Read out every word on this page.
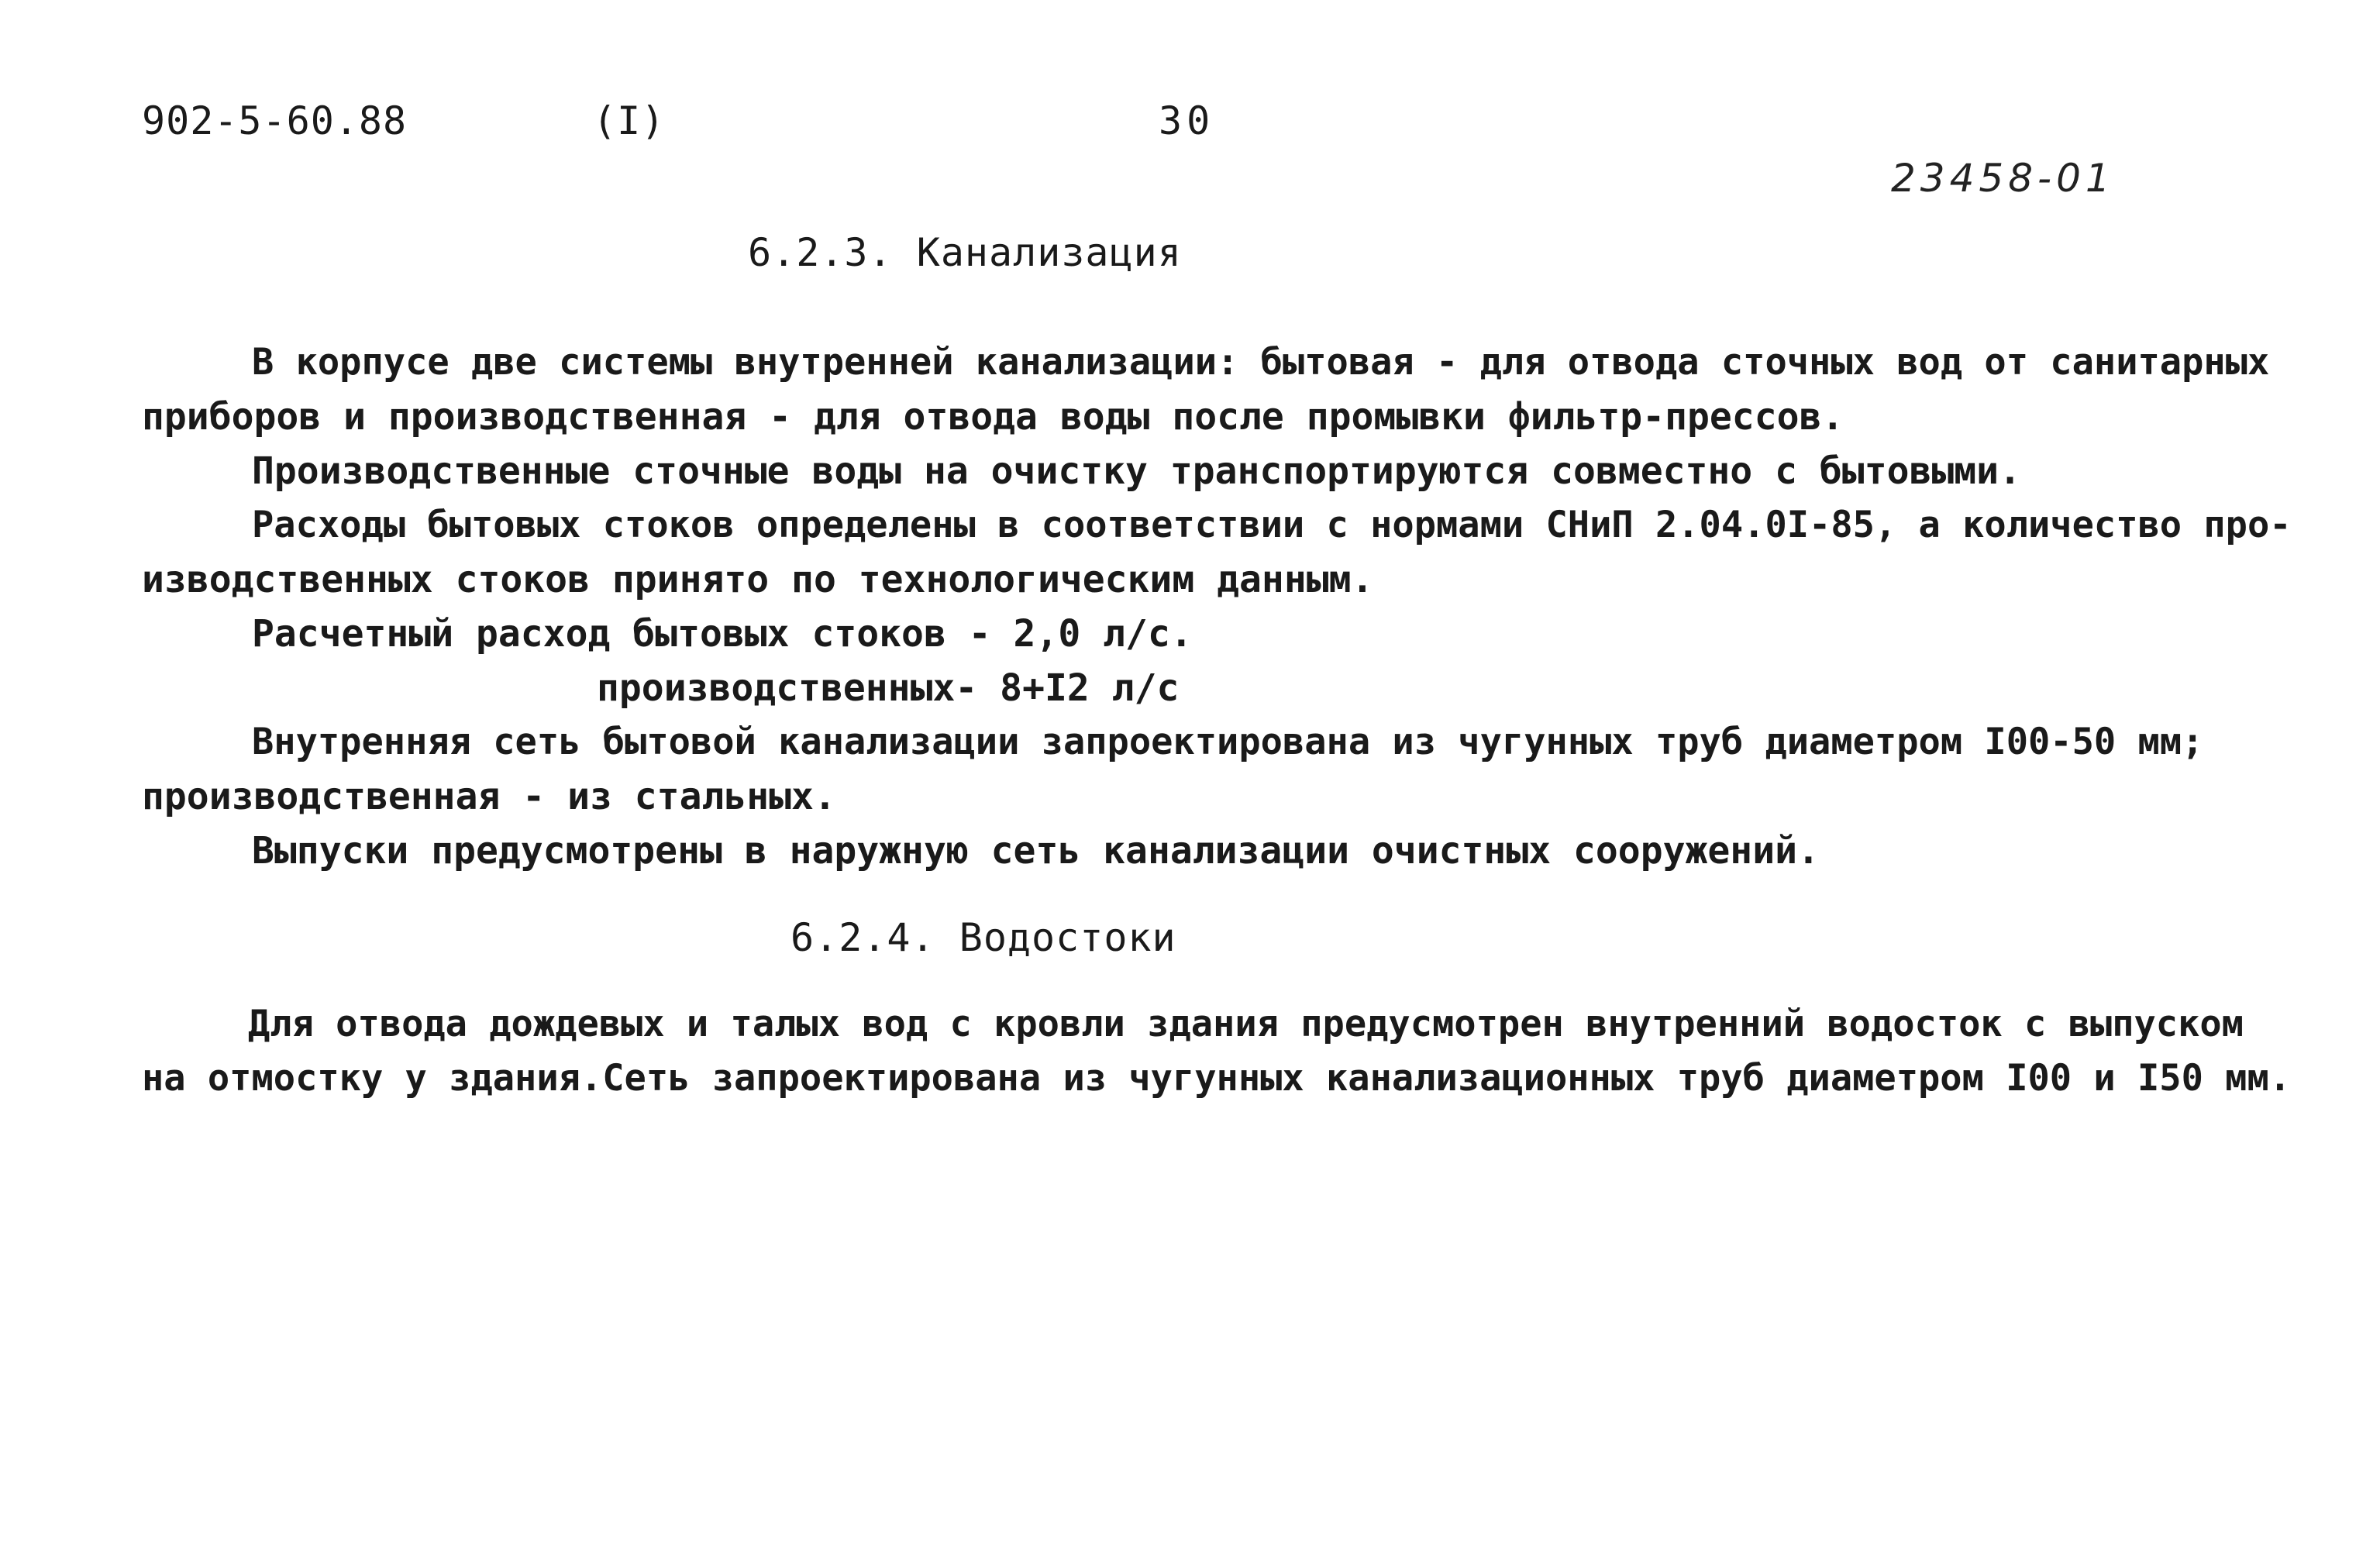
902-5-60.88	(I)	30
23458-01
6.2.3. Канализация
В корпусе две системы внутренней канализации: бытовая - для отвода сточных вод от санитарных
приборов и производственная - для отвода воды после промывки фильтр-прессов.
Производственные сточные воды на очистку транспортируются совместно с бытовыми.
Расходы бытовых стоков определены в соответствии с нормами СНиП 2.04.0I-85, а количество про-
изводственных стоков принято по технологическим данным.
Расчетный расход бытовых стоков - 2,0 л/с.
производственных- 8+I2 л/с
Внутренняя сеть бытовой канализации запроектирована из чугунных труб диаметром I00-50 мм;
производственная - из стальных.
Выпуски предусмотрены в наружную сеть канализации очистных сооружений.
6.2.4. Водостоки
Для отвода дождевых и талых вод с кровли здания предусмотрен внутренний водосток с выпуском
на отмостку у здания.Сеть запроектирована из чугунных канализационных труб диаметром I00 и I50 мм.
